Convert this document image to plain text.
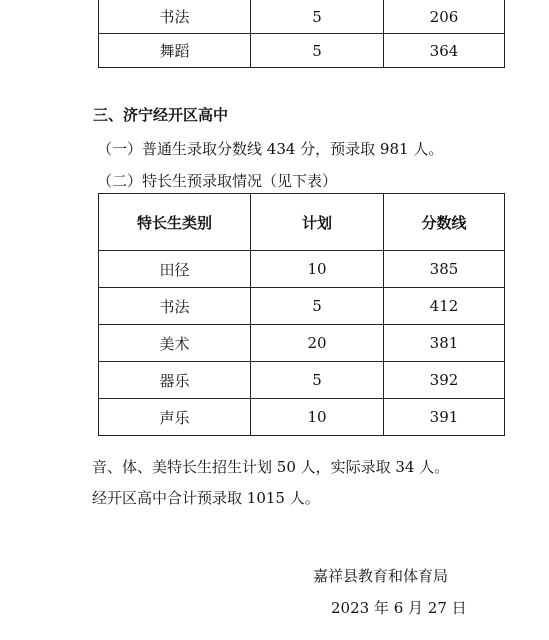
书法	5	206
舞蹈	5	364

三、济宁经开区高中

（一）普通生录取分数线 434 分，预录取 981 人。

（二）特长生预录取情况（见下表）

特长生类别	计划	分数线
田径	10	385
书法	5	412
美术	20	381
器乐	5	392
声乐	10	391

音、体、美特长生招生计划 50 人，实际录取 34 人。

经开区高中合计预录取 1015 人。

嘉祥县教育和体育局

2023 年 6 月 27 日
